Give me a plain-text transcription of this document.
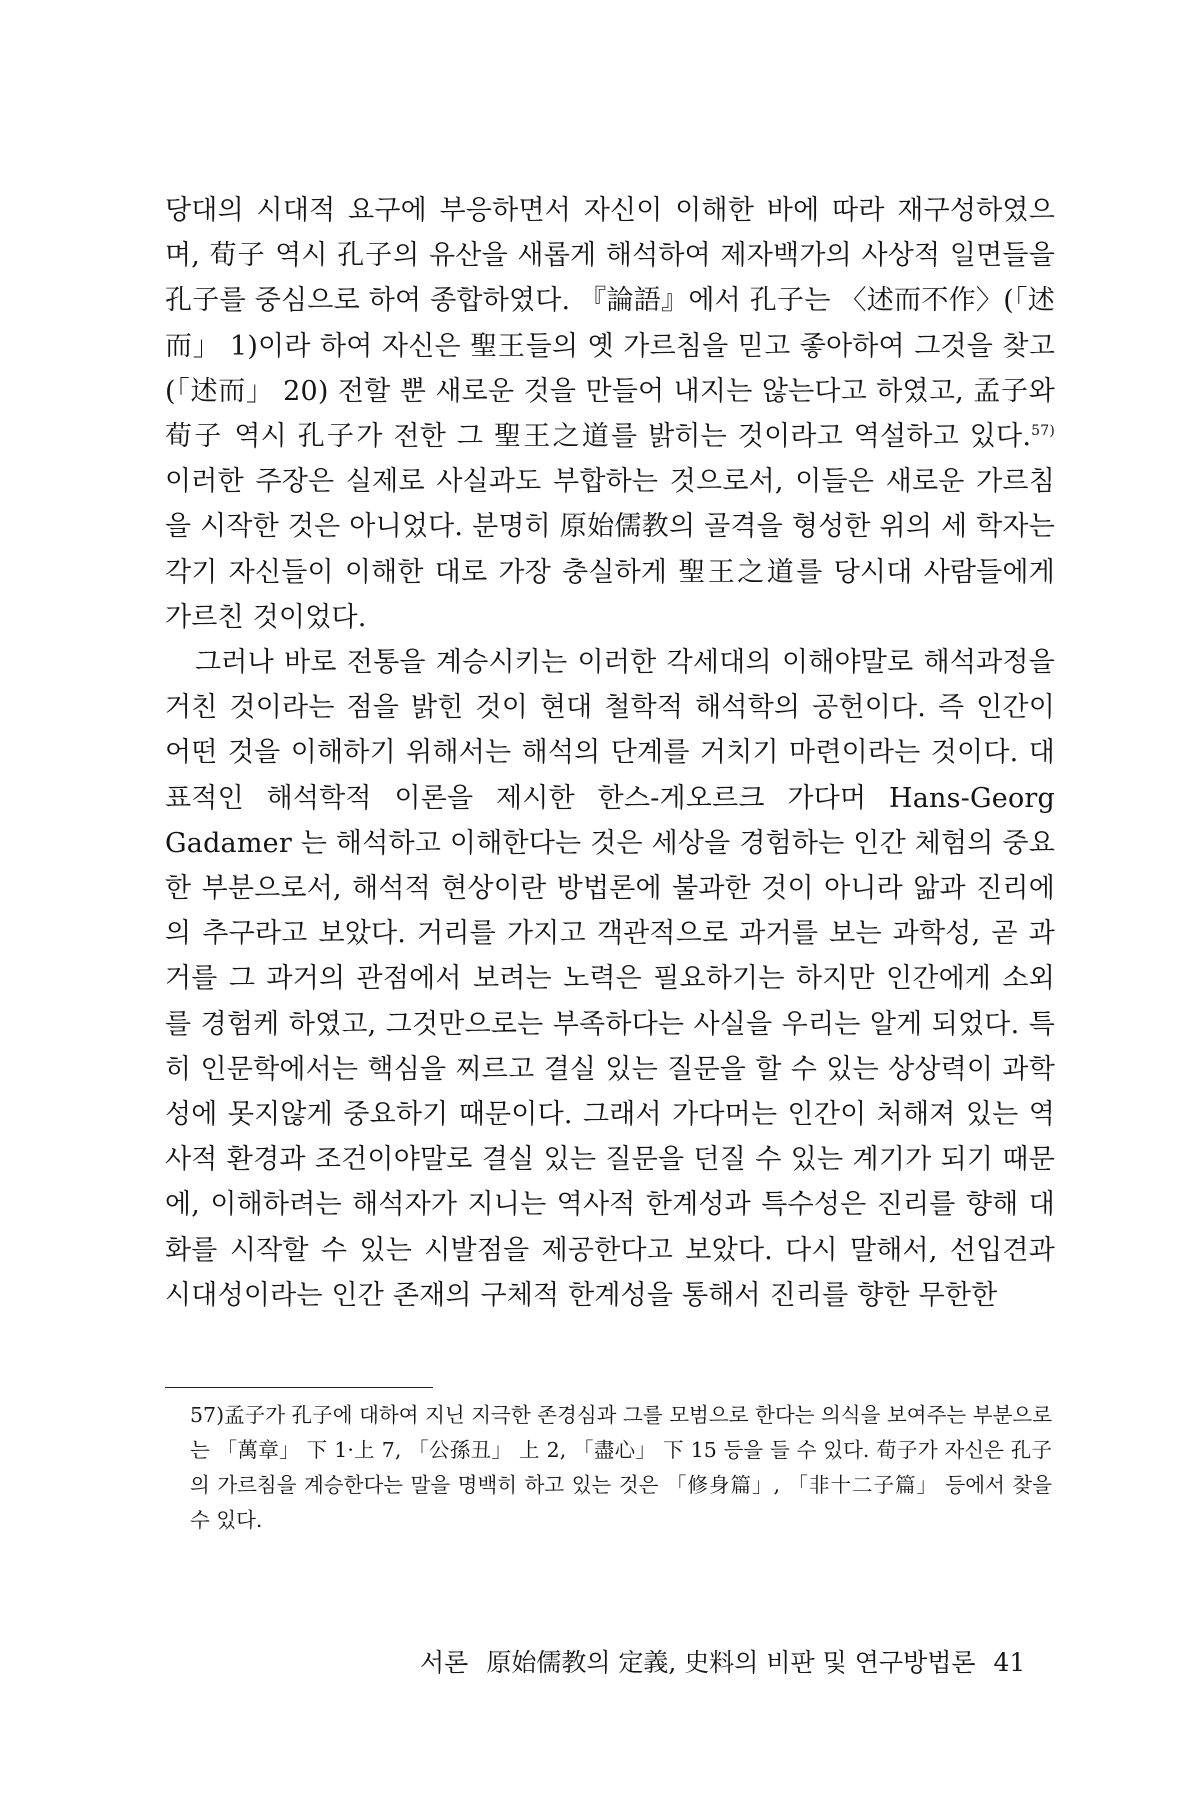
당대의 시대적 요구에 부응하면서 자신이 이해한 바에 따라 재구성하였으며, 荀子 역시 孔子의 유산을 새롭게 해석하여 제자백가의 사상적 일면들을 孔子를 중심으로 하여 종합하였다. 『論語』에서 孔子는 〈述而不作〉(「述而」 1)이라 하여 자신은 聖王들의 옛 가르침을 믿고 좋아하여 그것을 찾고(「述而」 20) 전할 뿐 새로운 것을 만들어 내지는 않는다고 하였고, 孟子와 荀子 역시 孔子가 전한 그 聖王之道를 밝히는 것이라고 역설하고 있다.$^{57)}$ 이러한 주장은 실제로 사실과도 부합하는 것으로서, 이들은 새로운 가르침을 시작한 것은 아니었다. 분명히 原始儒教의 골격을 형성한 위의 세 학자는 각기 자신들이 이해한 대로 가장 충실하게 聖王之道를 당시대 사람들에게 가르친 것이었다.

그러나 바로 전통을 계승시키는 이러한 각세대의 이해야말로 해석과정을 거친 것이라는 점을 밝힌 것이 현대 철학적 해석학의 공헌이다. 즉 인간이 어떤 것을 이해하기 위해서는 해석의 단계를 거치기 마련이라는 것이다. 대표적인 해석학적 이론을 제시한 한스-게오르크 가다머 Hans-Georg Gadamer 는 해석하고 이해한다는 것은 세상을 경험하는 인간 체험의 중요한 부분으로서, 해석적 현상이란 방법론에 불과한 것이 아니라 앎과 진리에의 추구라고 보았다. 거리를 가지고 객관적으로 과거를 보는 과학성, 곧 과거를 그 과거의 관점에서 보려는 노력은 필요하기는 하지만 인간에게 소외를 경험케 하였고, 그것만으로는 부족하다는 사실을 우리는 알게 되었다. 특히 인문학에서는 핵심을 찌르고 결실 있는 질문을 할 수 있는 상상력이 과학성에 못지않게 중요하기 때문이다. 그래서 가다머는 인간이 처해져 있는 역사적 환경과 조건이야말로 결실 있는 질문을 던질 수 있는 계기가 되기 때문에, 이해하려는 해석자가 지니는 역사적 한계성과 특수성은 진리를 향해 대화를 시작할 수 있는 시발점을 제공한다고 보았다. 다시 말해서, 선입견과 시대성이라는 인간 존재의 구체적 한계성을 통해서 진리를 향한 무한한

57)孟子가 孔子에 대하여 지닌 지극한 존경심과 그를 모범으로 한다는 의식을 보여주는 부분으로는 「萬章」 下 1·上 7, 「公孫丑」 上 2, 「盡心」 下 15 등을 들 수 있다. 荀子가 자신은 孔子의 가르침을 계승한다는 말을 명백히 하고 있는 것은 「修身篇」, 「非十二子篇」 등에서 찾을 수 있다.

서론 原始儒教의 定義, 史料의 비판 및 연구방법론 41
